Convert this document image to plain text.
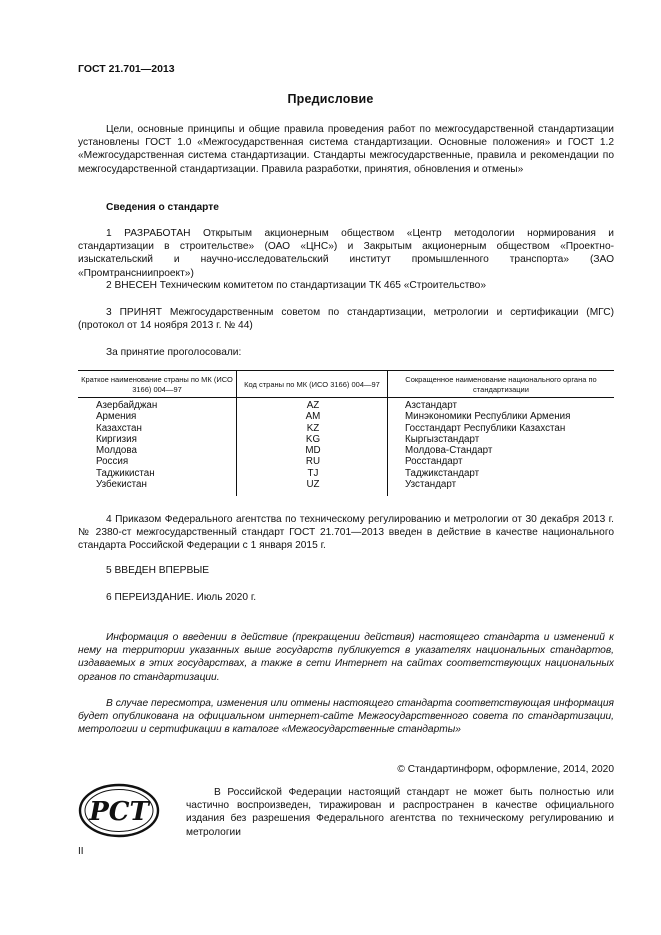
ГОСТ 21.701—2013
Предисловие
Цели, основные принципы и общие правила проведения работ по межгосударственной стандартизации установлены ГОСТ 1.0 «Межгосударственная система стандартизации. Основные положения» и ГОСТ 1.2 «Межгосударственная система стандартизации. Стандарты межгосударственные, правила и рекомендации по межгосударственной стандартизации. Правила разработки, принятия, обновления и отмены»
Сведения о стандарте
1 РАЗРАБОТАН Открытым акционерным обществом «Центр методологии нормирования и стандартизации в строительстве» (ОАО «ЦНС») и Закрытым акционерным обществом «Проектно-изыскательский и научно-исследовательский институт промышленного транспорта» (ЗАО «Промтрансниипроект»)
2 ВНЕСЕН Техническим комитетом по стандартизации ТК 465 «Строительство»
3 ПРИНЯТ Межгосударственным советом по стандартизации, метрологии и сертификации (МГС) (протокол от 14 ноября 2013 г. № 44)
За принятие проголосовали:
Краткое наименование страны по МК (ИСО 3166) 004—97	Код страны по МК (ИСО 3166) 004—97	Сокращенное наименование национального органа по стандартизации
Азербайджан	AZ	Азстандарт
Армения	AM	Минэкономики Республики Армения
Казахстан	KZ	Госстандарт Республики Казахстан
Киргизия	KG	Кыргызстандарт
Молдова	MD	Молдова-Стандарт
Россия	RU	Росстандарт
Таджикистан	TJ	Таджикстандарт
Узбекистан	UZ	Узстандарт
4 Приказом Федерального агентства по техническому регулированию и метрологии от 30 декабря 2013 г. № 2380-ст межгосударственный стандарт ГОСТ 21.701—2013 введен в действие в качестве национального стандарта Российской Федерации с 1 января 2015 г.
5 ВВЕДЕН ВПЕРВЫЕ
6 ПЕРЕИЗДАНИЕ. Июль 2020 г.
Информация о введении в действие (прекращении действия) настоящего стандарта и изменений к нему на территории указанных выше государств публикуется в указателях национальных стандартов, издаваемых в этих государствах, а также в сети Интернет на сайтах соответствующих национальных органов по стандартизации.
В случае пересмотра, изменения или отмены настоящего стандарта соответствующая информация будет опубликована на официальном интернет-сайте Межгосударственного совета по стандартизации, метрологии и сертификации в каталоге «Межгосударственные стандарты»
© Стандартинформ, оформление, 2014, 2020
PCT
В Российской Федерации настоящий стандарт не может быть полностью или частично воспроизведен, тиражирован и распространен в качестве официального издания без разрешения Федерального агентства по техническому регулированию и метрологии
II
